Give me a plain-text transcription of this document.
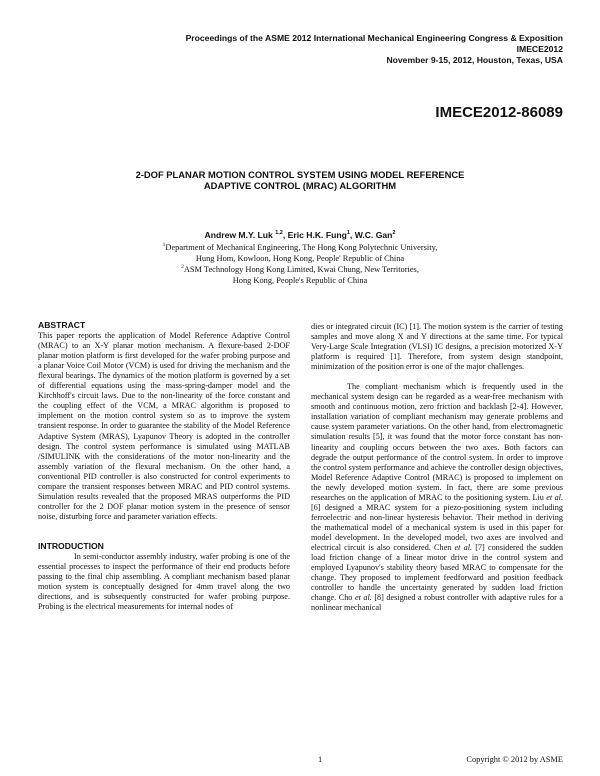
Proceedings of the ASME 2012 International Mechanical Engineering Congress & Exposition
IMECE2012
November 9-15, 2012, Houston, Texas, USA
IMECE2012-86089
2-DOF PLANAR MOTION CONTROL SYSTEM USING MODEL REFERENCE
ADAPTIVE CONTROL (MRAC) ALGORITHM
Andrew M.Y. Luk $^{1,2}$, Eric H.K. Fung$^1$, W.C. Gan$^2$
$^1$Department of Mechanical Engineering, The Hong Kong Polytechnic University,
Hung Hom, Kowloon, Hong Kong, People' Republic of China
$^2$ASM Technology Hong Kong Limited, Kwai Chung, New Territories,
Hong Kong, People's Republic of China
ABSTRACT

This paper reports the application of Model Reference Adaptive Control (MRAC) to an X-Y planar motion mechanism. A flexure-based 2-DOF planar motion platform is first developed for the wafer probing purpose and a planar Voice Coil Motor (VCM) is used for driving the mechanism and the flexural bearings. The dynamics of the motion platform is governed by a set of differential equations using the mass-spring-damper model and the Kirchhoff's circuit laws. Due to the non-linearity of the force constant and the coupling effect of the VCM, a MRAC algorithm is proposed to implement on the motion control system so as to improve the system transient response. In order to guarantee the stability of the Model Reference Adaptive System (MRAS), Lyapunov Theory is adopted in the controller design. The control system performance is simulated using MATLAB /SIMULINK with the considerations of the motor non-linearity and the assembly variation of the flexural mechanism. On the other hand, a conventional PID controller is also constructed for control experiments to compare the transient responses between MRAC and PID control systems. Simulation results revealed that the proposed MRAS outperforms the PID controller for the 2 DOF planar motion system in the presence of sensor noise, disturbing force and parameter variation effects.

INTRODUCTION

In semi-conductor assembly industry, wafer probing is one of the essential processes to inspect the performance of their end products before passing to the final chip assembling. A compliant mechanism based planar motion system is conceptually designed for 4mm travel along the two directions, and is subsequently constructed for wafer probing purpose. Probing is the electrical measurements for internal nodes of

dies or integrated circuit (IC) [1]. The motion system is the carrier of testing samples and move along X and Y directions at the same time. For typical Very-Large Scale Integration (VLSI) IC designs, a precision motorized X-Y platform is required [1]. Therefore, from system design standpoint, minimization of the position error is one of the major challenges.

The compliant mechanism which is frequently used in the mechanical system design can be regarded as a wear-free mechanism with smooth and continuous motion, zero friction and backlash [2-4]. However, installation variation of compliant mechanism may generate problems and cause system parameter variations. On the other hand, from electromagnetic simulation results [5], it was found that the motor force constant has non-linearity and coupling occurs between the two axes. Both factors can degrade the output performance of the control system. In order to improve the control system performance and achieve the controller design objectives, Model Reference Adaptive Control (MRAC) is proposed to implement on the newly developed motion system. In fact, there are some previous researches on the application of MRAC to the positioning system. Liu et al. [6] designed a MRAC system for a piezo-positioning system including ferroelectric and non-linear hysteresis behavior. Their method in deriving the mathematical model of a mechanical system is used in this paper for model development. In the developed model, two axes are involved and electrical circuit is also considered. Chen et al. [7] considered the sudden load friction change of a linear motor drive in the control system and employed Lyapunov's stability theory based MRAC to compensate for the change. They proposed to implement feedforward and position feedback controller to handle the uncertainty generated by sudden load friction change. Cho et al. [8] designed a robust controller with adaptive rules for a nonlinear mechanical

1	Copyright © 2012 by ASME
